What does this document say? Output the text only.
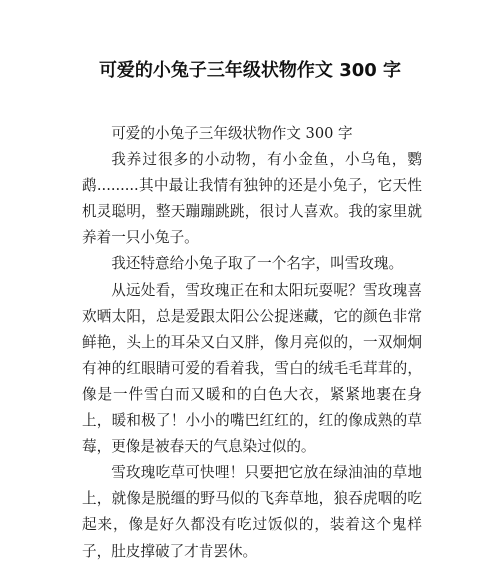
可爱的小兔子三年级状物作文 300 字

可爱的小兔子三年级状物作文 300 字

我养过很多的小动物，有小金鱼，小乌龟，鹦鹉.........其中最让我情有独钟的还是小兔子，它天性机灵聪明，整天蹦蹦跳跳，很讨人喜欢。我的家里就养着一只小兔子。

我还特意给小兔子取了一个名字，叫雪玫瑰。

从远处看，雪玫瑰正在和太阳玩耍呢？雪玫瑰喜欢晒太阳，总是爱跟太阳公公捉迷藏，它的颜色非常鲜艳，头上的耳朵又白又胖，像月亮似的，一双炯炯有神的红眼睛可爱的看着我，雪白的绒毛毛茸茸的，像是一件雪白而又暖和的白色大衣，紧紧地裹在身上，暖和极了！小小的嘴巴红红的，红的像成熟的草莓，更像是被春天的气息染过似的。

雪玫瑰吃草可快哩！只要把它放在绿油油的草地上，就像是脱缰的野马似的飞奔草地，狼吞虎咽的吃起来，像是好久都没有吃过饭似的，装着这个鬼样子，肚皮撑破了才肯罢休。
